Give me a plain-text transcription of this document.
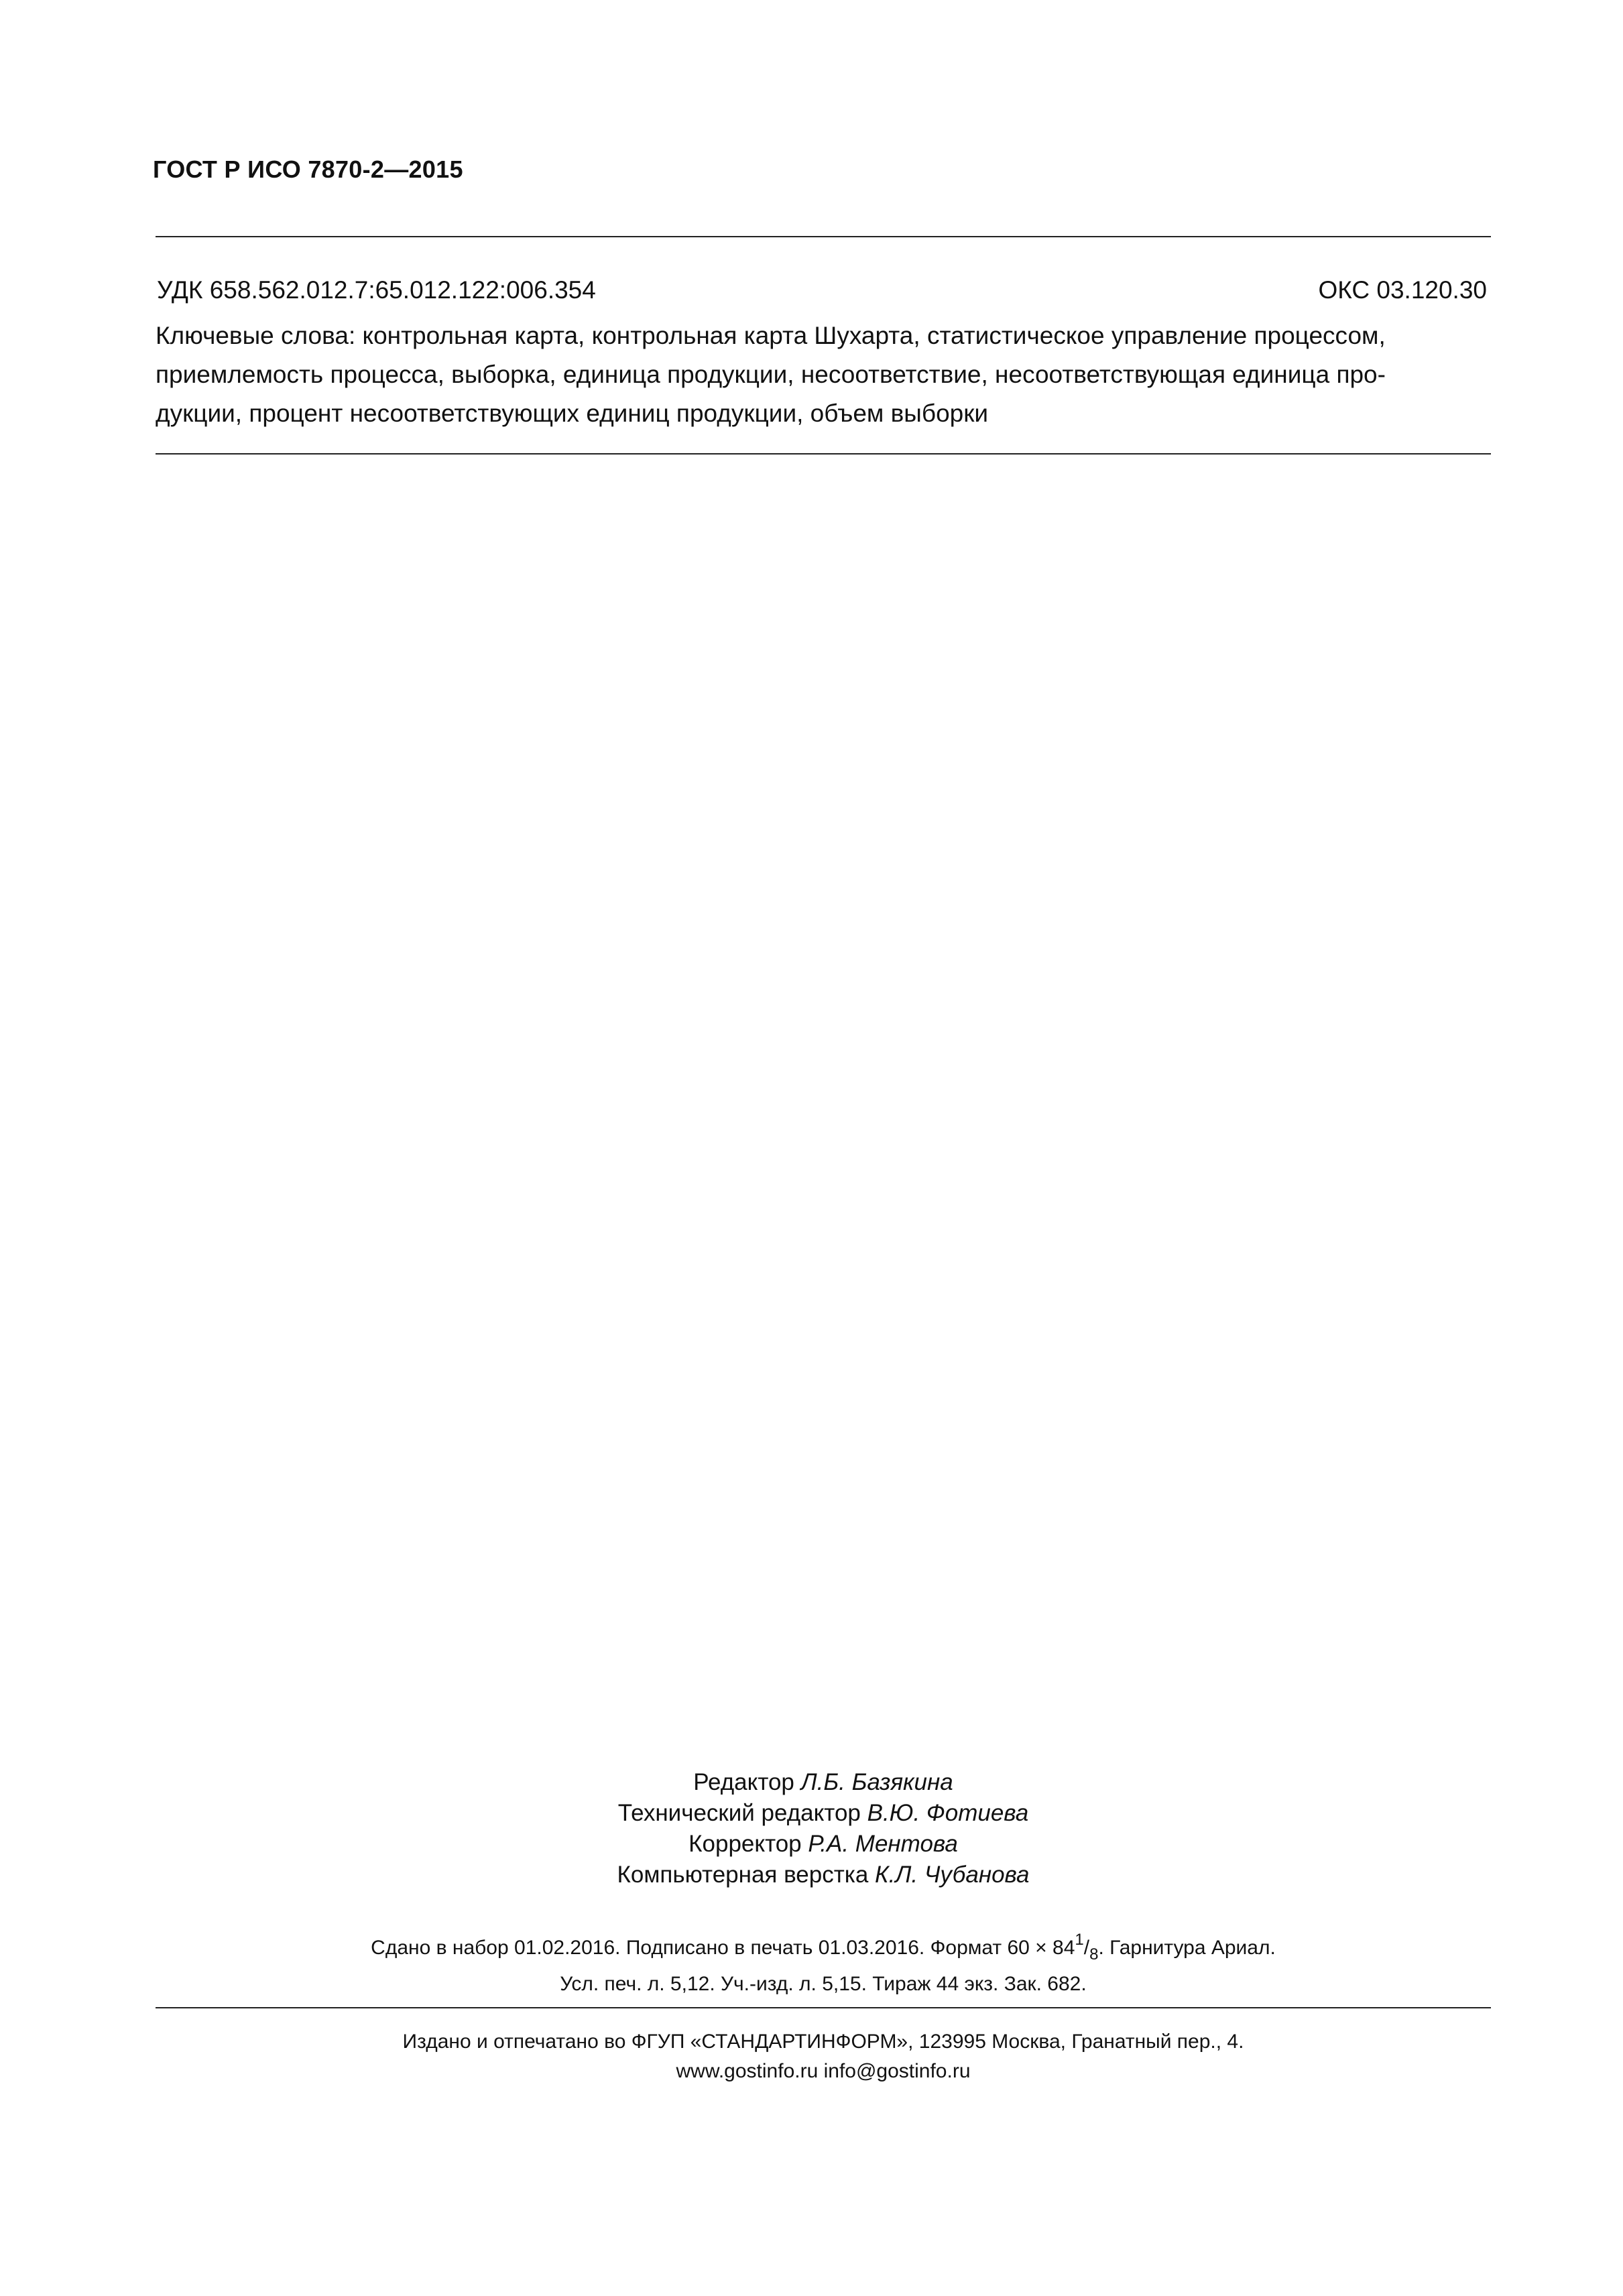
ГОСТ Р ИСО 7870-2—2015
УДК 658.562.012.7:65.012.122:006.354	ОКС 03.120.30
Ключевые слова: контрольная карта, контрольная карта Шухарта, статистическое управление процессом,
приемлемость процесса, выборка, единица продукции, несоответствие, несоответствующая единица про-
дукции, процент несоответствующих единиц продукции, объем выборки
Редактор Л.Б. Базякина
Технический редактор В.Ю. Фотиева
Корректор Р.А. Ментова
Компьютерная верстка К.Л. Чубанова
Сдано в набор 01.02.2016. Подписано в печать 01.03.2016. Формат $60 \times 84^1/_8$. Гарнитура Ариал.
Усл. печ. л. 5,12. Уч.-изд. л. 5,15. Тираж 44 экз. Зак. 682.
Издано и отпечатано во ФГУП «СТАНДАРТИНФОРМ», 123995 Москва, Гранатный пер., 4.
www.gostinfo.ru info@gostinfo.ru
